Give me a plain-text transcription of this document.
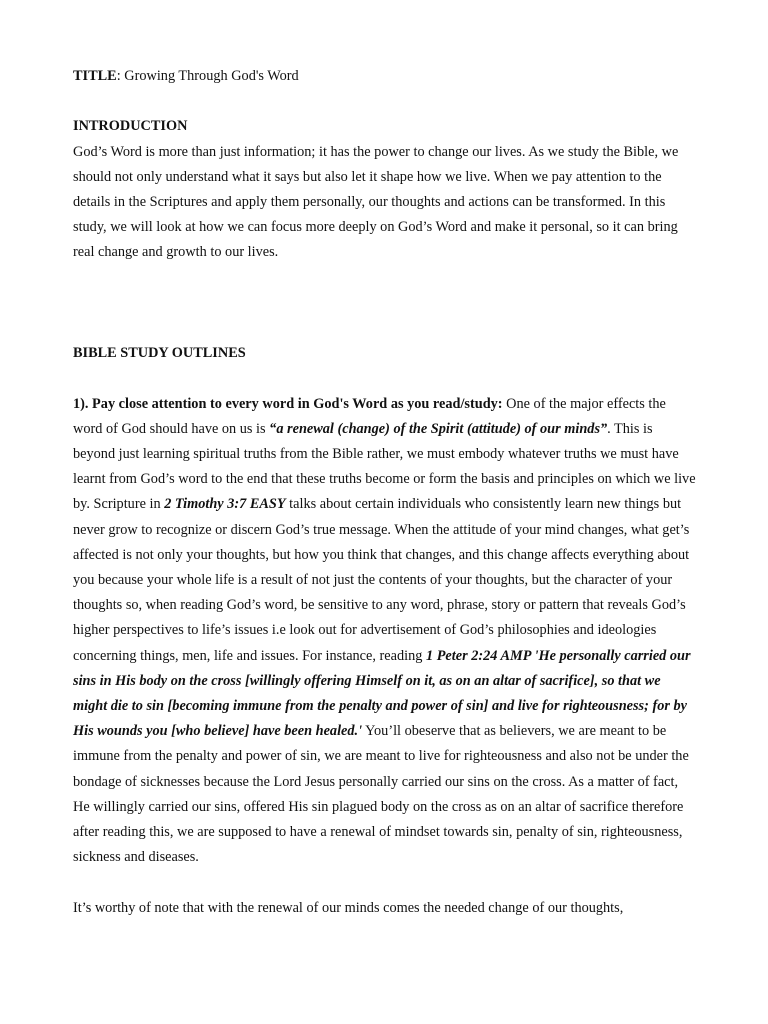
TITLE: Growing Through God's Word

INTRODUCTION

God’s Word is more than just information; it has the power to change our lives. As we study the Bible, we should not only understand what it says but also let it shape how we live. When we pay attention to the details in the Scriptures and apply them personally, our thoughts and actions can be transformed. In this study, we will look at how we can focus more deeply on God’s Word and make it personal, so it can bring real change and growth to our lives.

BIBLE STUDY OUTLINES

1). Pay close attention to every word in God's Word as you read/study: One of the major effects the word of God should have on us is “a renewal (change) of the Spirit (attitude) of our minds”. This is beyond just learning spiritual truths from the Bible rather, we must embody whatever truths we must have learnt from God’s word to the end that these truths become or form the basis and principles on which we live by. Scripture in 2 Timothy 3:7 EASY talks about certain individuals who consistently learn new things but never grow to recognize or discern God’s true message. When the attitude of your mind changes, what get’s affected is not only your thoughts, but how you think that changes, and this change affects everything about you because your whole life is a result of not just the contents of your thoughts, but the character of your thoughts so, when reading God’s word, be sensitive to any word, phrase, story or pattern that reveals God’s higher perspectives to life’s issues i.e look out for advertisement of God’s philosophies and ideologies concerning things, men, life and issues. For instance, reading 1 Peter 2:24 AMP 'He personally carried our sins in His body on the cross [willingly offering Himself on it, as on an altar of sacrifice], so that we might die to sin [becoming immune from the penalty and power of sin] and live for righteousness; for by His wounds you [who believe] have been healed.' You’ll obeserve that as believers, we are meant to be immune from the penalty and power of sin, we are meant to live for righteousness and also not be under the bondage of sicknesses because the Lord Jesus personally carried our sins on the cross. As a matter of fact, He willingly carried our sins, offered His sin plagued body on the cross as on an altar of sacrifice therefore after reading this, we are supposed to have a renewal of mindset towards sin, penalty of sin, righteousness, sickness and diseases.

It’s worthy of note that with the renewal of our minds comes the needed change of our thoughts,
